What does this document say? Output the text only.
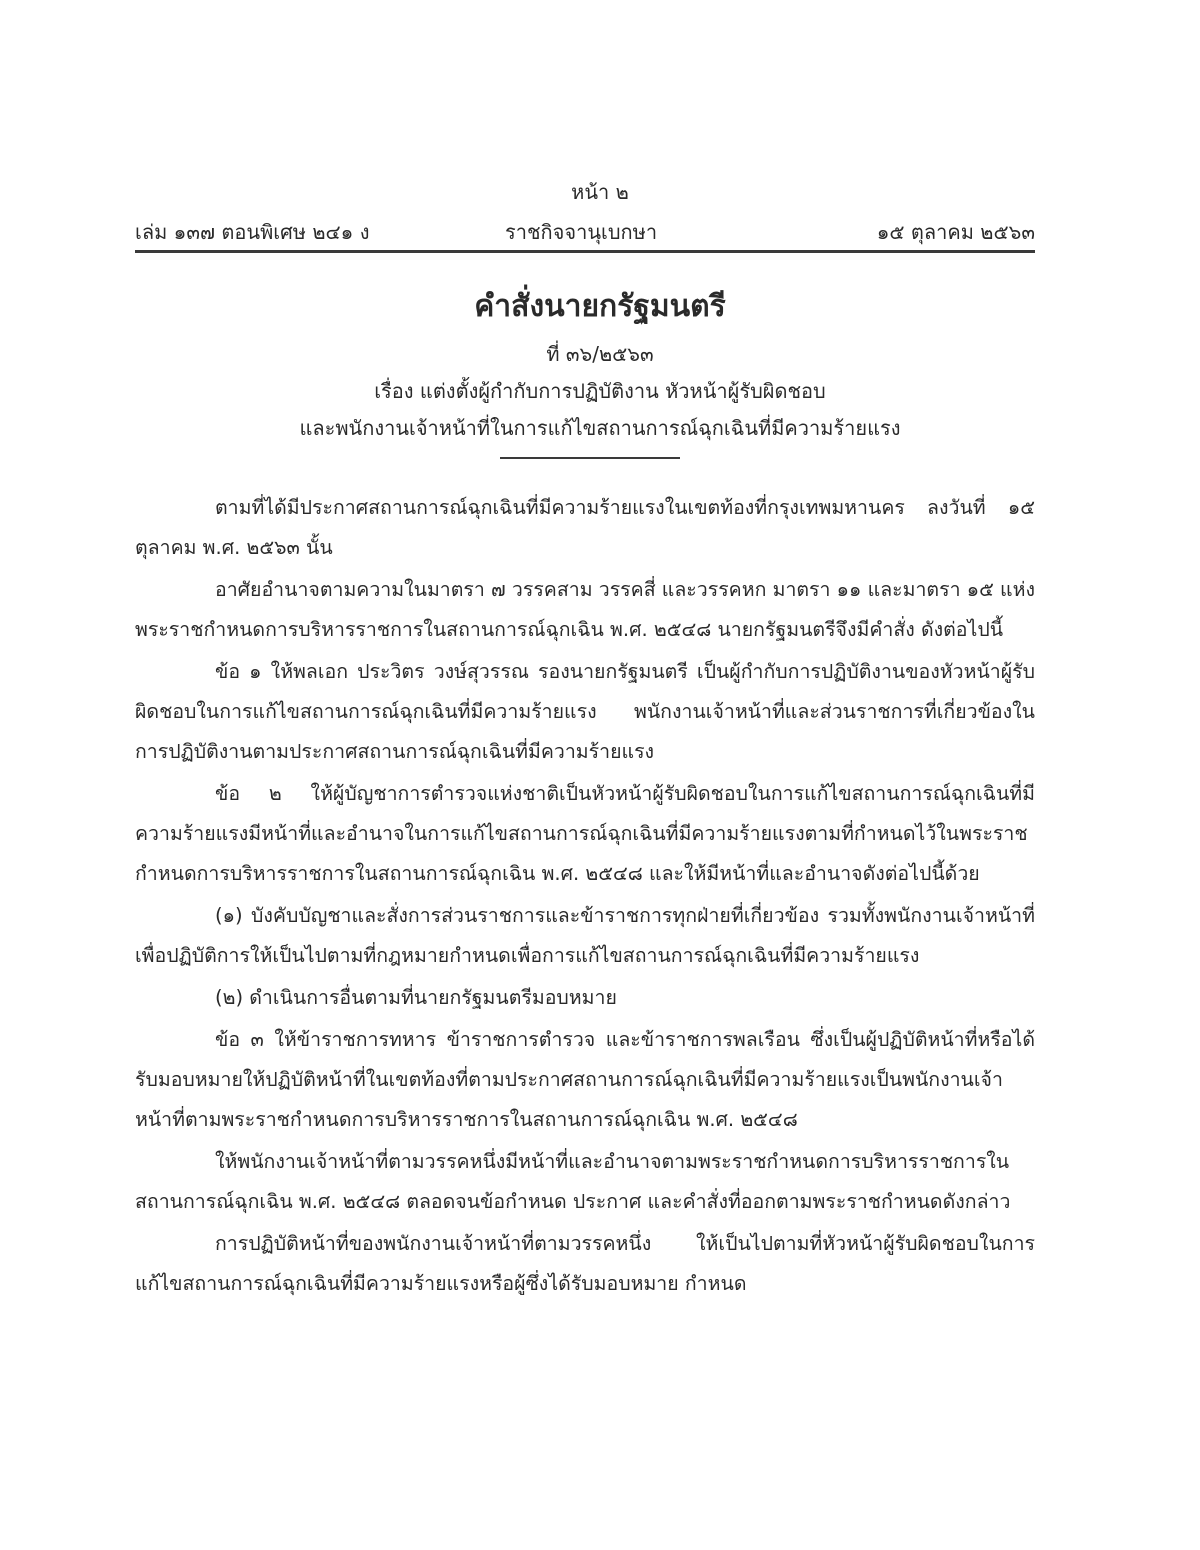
หน้า ๒
เล่ม ๑๓๗ ตอนพิเศษ ๒๔๑ ง	ราชกิจจานุเบกษา	๑๕ ตุลาคม ๒๕๖๓
คำสั่งนายกรัฐมนตรี
ที่ ๓๖/๒๕๖๓
เรื่อง แต่งตั้งผู้กำกับการปฏิบัติงาน หัวหน้าผู้รับผิดชอบ
และพนักงานเจ้าหน้าที่ในการแก้ไขสถานการณ์ฉุกเฉินที่มีความร้ายแรง

ตามที่ได้มีประกาศสถานการณ์ฉุกเฉินที่มีความร้ายแรงในเขตท้องที่กรุงเทพมหานคร ลงวันที่ ๑๕ ตุลาคม พ.ศ. ๒๕๖๓ นั้น

อาศัยอำนาจตามความในมาตรา ๗ วรรคสาม วรรคสี่ และวรรคหก มาตรา ๑๑ และมาตรา ๑๕ แห่งพระราชกำหนดการบริหารราชการในสถานการณ์ฉุกเฉิน พ.ศ. ๒๕๔๘ นายกรัฐมนตรีจึงมีคำสั่ง ดังต่อไปนี้

ข้อ ๑ ให้พลเอก ประวิตร วงษ์สุวรรณ รองนายกรัฐมนตรี เป็นผู้กำกับการปฏิบัติงานของหัวหน้าผู้รับผิดชอบในการแก้ไขสถานการณ์ฉุกเฉินที่มีความร้ายแรง พนักงานเจ้าหน้าที่และส่วนราชการที่เกี่ยวข้องในการปฏิบัติงานตามประกาศสถานการณ์ฉุกเฉินที่มีความร้ายแรง

ข้อ ๒ ให้ผู้บัญชาการตำรวจแห่งชาติเป็นหัวหน้าผู้รับผิดชอบในการแก้ไขสถานการณ์ฉุกเฉินที่มีความร้ายแรงมีหน้าที่และอำนาจในการแก้ไขสถานการณ์ฉุกเฉินที่มีความร้ายแรงตามที่กำหนดไว้ในพระราชกำหนดการบริหารราชการในสถานการณ์ฉุกเฉิน พ.ศ. ๒๕๔๘ และให้มีหน้าที่และอำนาจดังต่อไปนี้ด้วย

(๑) บังคับบัญชาและสั่งการส่วนราชการและข้าราชการทุกฝ่ายที่เกี่ยวข้อง รวมทั้งพนักงานเจ้าหน้าที่เพื่อปฏิบัติการให้เป็นไปตามที่กฎหมายกำหนดเพื่อการแก้ไขสถานการณ์ฉุกเฉินที่มีความร้ายแรง

(๒) ดำเนินการอื่นตามที่นายกรัฐมนตรีมอบหมาย

ข้อ ๓ ให้ข้าราชการทหาร ข้าราชการตำรวจ และข้าราชการพลเรือน ซึ่งเป็นผู้ปฏิบัติหน้าที่หรือได้รับมอบหมายให้ปฏิบัติหน้าที่ในเขตท้องที่ตามประกาศสถานการณ์ฉุกเฉินที่มีความร้ายแรงเป็นพนักงานเจ้าหน้าที่ตามพระราชกำหนดการบริหารราชการในสถานการณ์ฉุกเฉิน พ.ศ. ๒๕๔๘

ให้พนักงานเจ้าหน้าที่ตามวรรคหนึ่งมีหน้าที่และอำนาจตามพระราชกำหนดการบริหารราชการในสถานการณ์ฉุกเฉิน พ.ศ. ๒๕๔๘ ตลอดจนข้อกำหนด ประกาศ และคำสั่งที่ออกตามพระราชกำหนดดังกล่าว

การปฏิบัติหน้าที่ของพนักงานเจ้าหน้าที่ตามวรรคหนึ่ง ให้เป็นไปตามที่หัวหน้าผู้รับผิดชอบในการแก้ไขสถานการณ์ฉุกเฉินที่มีความร้ายแรงหรือผู้ซึ่งได้รับมอบหมาย กำหนด
